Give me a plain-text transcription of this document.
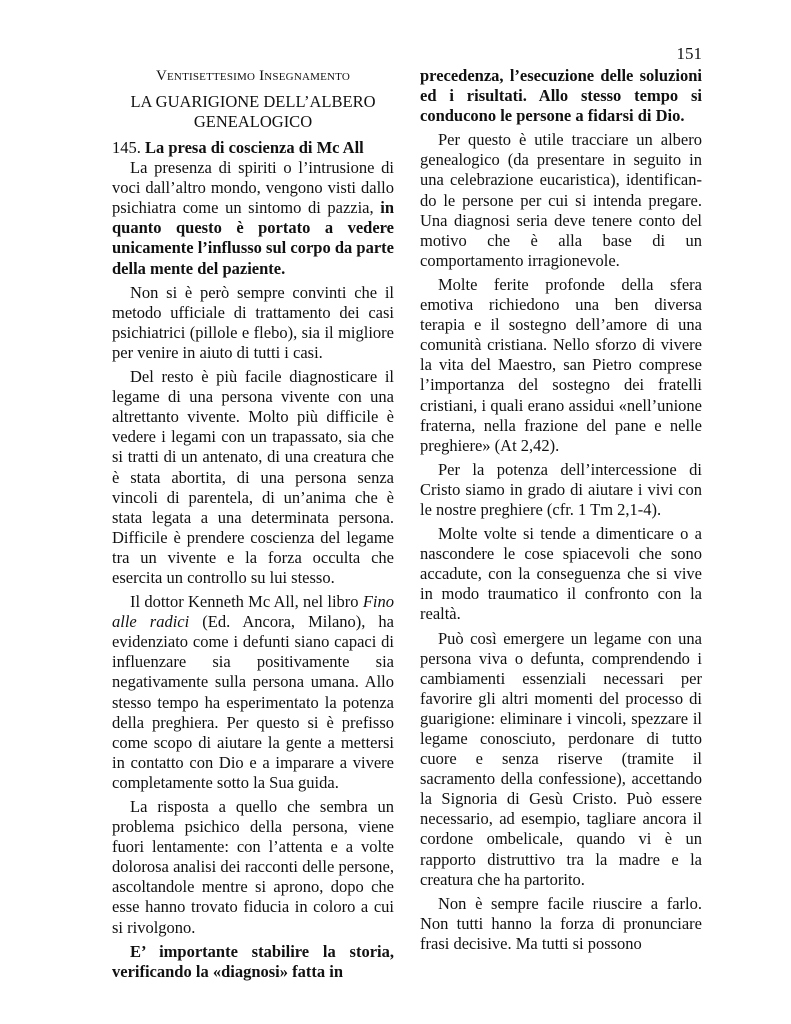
151
Ventisettesimo Insegnamento
LA GUARIGIONE DELL’ALBERO
GENEALOGICO
145. La presa di coscienza di Mc All

La presenza di spiriti o l’intrusione di voci dall’altro mondo, vengono visti dallo psichiatra come un sintomo di pazzia, in quanto questo è portato a vedere unicamente l’influsso sul corpo da parte della mente del paziente.

Non si è però sempre convinti che il metodo ufficiale di trattamento dei casi psichiatrici (pillole e flebo), sia il migliore per venire in aiuto di tutti i casi.

Del resto è più facile diagnosticare il legame di una persona vivente con una altrettanto vivente. Molto più difficile è vedere i legami con un trapassato, sia che si tratti di un antenato, di una creatura che è stata abortita, di una persona senza vincoli di parentela, di un’anima che è stata legata a una determinata persona. Difficile è prendere coscienza del legame tra un vivente e la forza occulta che esercita un controllo su lui stesso.

Il dottor Kenneth Mc All, nel libro Fino alle radici (Ed. Ancora, Milano), ha evidenziato come i defunti siano capaci di influenzare sia positivamente sia negativamente sulla persona umana. Allo stesso tempo ha esperimentato la potenza della preghiera. Per questo si è prefisso come scopo di aiutare la gente a mettersi in contatto con Dio e a imparare a vivere completamente sotto la Sua guida.

La risposta a quello che sembra un problema psichico della persona, viene fuori lentamente: con l’attenta e a volte dolorosa analisi dei racconti delle persone, ascoltandole mentre si aprono, dopo che esse hanno trovato fiducia in coloro a cui si rivolgono.

E’ importante stabilire la storia, verificando la «diagnosi» fatta in

precedenza, l’esecuzione delle soluzioni ed i risultati. Allo stesso tempo si conducono le persone a fidarsi di Dio.

Per questo è utile tracciare un albero genealogico (da presentare in seguito in una celebrazione eucaristica), identifican-do le persone per cui si intenda pregare. Una diagnosi seria deve tenere conto del motivo che è alla base di un comportamento irragionevole.

Molte ferite profonde della sfera emotiva richiedono una ben diversa terapia e il sostegno dell’amore di una comunità cristiana. Nello sforzo di vivere la vita del Maestro, san Pietro comprese l’importanza del sostegno dei fratelli cristiani, i quali erano assidui «nell’unione fraterna, nella frazione del pane e nelle preghiere» (At 2,42).

Per la potenza dell’intercessione di Cristo siamo in grado di aiutare i vivi con le nostre preghiere (cfr. 1 Tm 2,1-4).

Molte volte si tende a dimenticare o a nascondere le cose spiacevoli che sono accadute, con la conseguenza che si vive in modo traumatico il confronto con la realtà.

Può così emergere un legame con una persona viva o defunta, comprendendo i cambiamenti essenziali necessari per favorire gli altri momenti del processo di guarigione: eliminare i vincoli, spezzare il legame conosciuto, perdonare di tutto cuore e senza riserve (tramite il sacramento della confessione), accettando la Signoria di Gesù Cristo. Può essere necessario, ad esempio, tagliare ancora il cordone ombelicale, quando vi è un rapporto distruttivo tra la madre e la creatura che ha partorito.

Non è sempre facile riuscire a farlo. Non tutti hanno la forza di pronunciare frasi decisive. Ma tutti si possono
